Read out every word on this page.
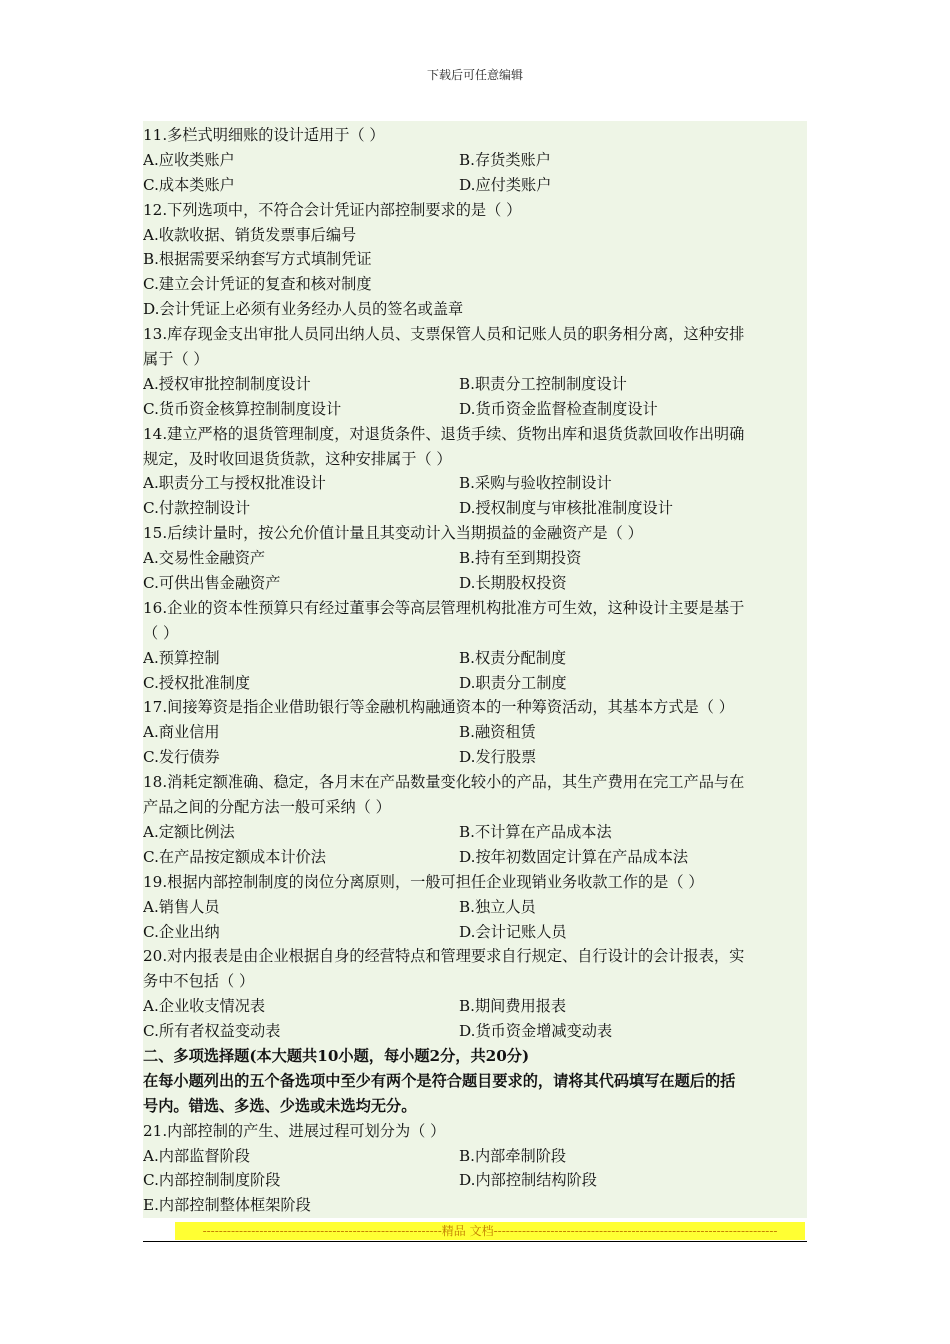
下载后可任意编辑
11.多栏式明细账的设计适用于（ ）
A.应收类账户	B.存货类账户
C.成本类账户	D.应付类账户
12.下列选项中，不符合会计凭证内部控制要求的是（ ）
A.收款收据、销货发票事后编号
B.根据需要采纳套写方式填制凭证
C.建立会计凭证的复查和核对制度
D.会计凭证上必须有业务经办人员的签名或盖章
13.库存现金支出审批人员同出纳人员、支票保管人员和记账人员的职务相分离，这种安排
属于（ ）
A.授权审批控制制度设计	B.职责分工控制制度设计
C.货币资金核算控制制度设计	D.货币资金监督检查制度设计
14.建立严格的退货管理制度，对退货条件、退货手续、货物出库和退货货款回收作出明确
规定，及时收回退货货款，这种安排属于（ ）
A.职责分工与授权批准设计	B.采购与验收控制设计
C.付款控制设计	D.授权制度与审核批准制度设计
15.后续计量时，按公允价值计量且其变动计入当期损益的金融资产是（ ）
A.交易性金融资产	B.持有至到期投资
C.可供出售金融资产	D.长期股权投资
16.企业的资本性预算只有经过董事会等高层管理机构批准方可生效，这种设计主要是基于
（ ）
A.预算控制	B.权责分配制度
C.授权批准制度	D.职责分工制度
17.间接筹资是指企业借助银行等金融机构融通资本的一种筹资活动，其基本方式是（ ）
A.商业信用	B.融资租赁
C.发行债券	D.发行股票
18.消耗定额准确、稳定，各月末在产品数量变化较小的产品，其生产费用在完工产品与在
产品之间的分配方法一般可采纳（ ）
A.定额比例法	B.不计算在产品成本法
C.在产品按定额成本计价法	D.按年初数固定计算在产品成本法
19.根据内部控制制度的岗位分离原则，一般可担任企业现销业务收款工作的是（ ）
A.销售人员	B.独立人员
C.企业出纳	D.会计记账人员
20.对内报表是由企业根据自身的经营特点和管理要求自行规定、自行设计的会计报表，实
务中不包括（ ）
A.企业收支情况表	B.期间费用报表
C.所有者权益变动表	D.货币资金增减变动表
二、多项选择题(本大题共10小题，每小题2分，共20分)
在每小题列出的五个备选项中至少有两个是符合题目要求的，请将其代码填写在题后的括
号内。错选、多选、少选或未选均无分。
21.内部控制的产生、进展过程可划分为（ ）
A.内部监督阶段	B.内部牵制阶段
C.内部控制制度阶段	D.内部控制结构阶段
E.内部控制整体框架阶段
-----------------------------------------------------------精品 文档----------------------------------------------------------------------
